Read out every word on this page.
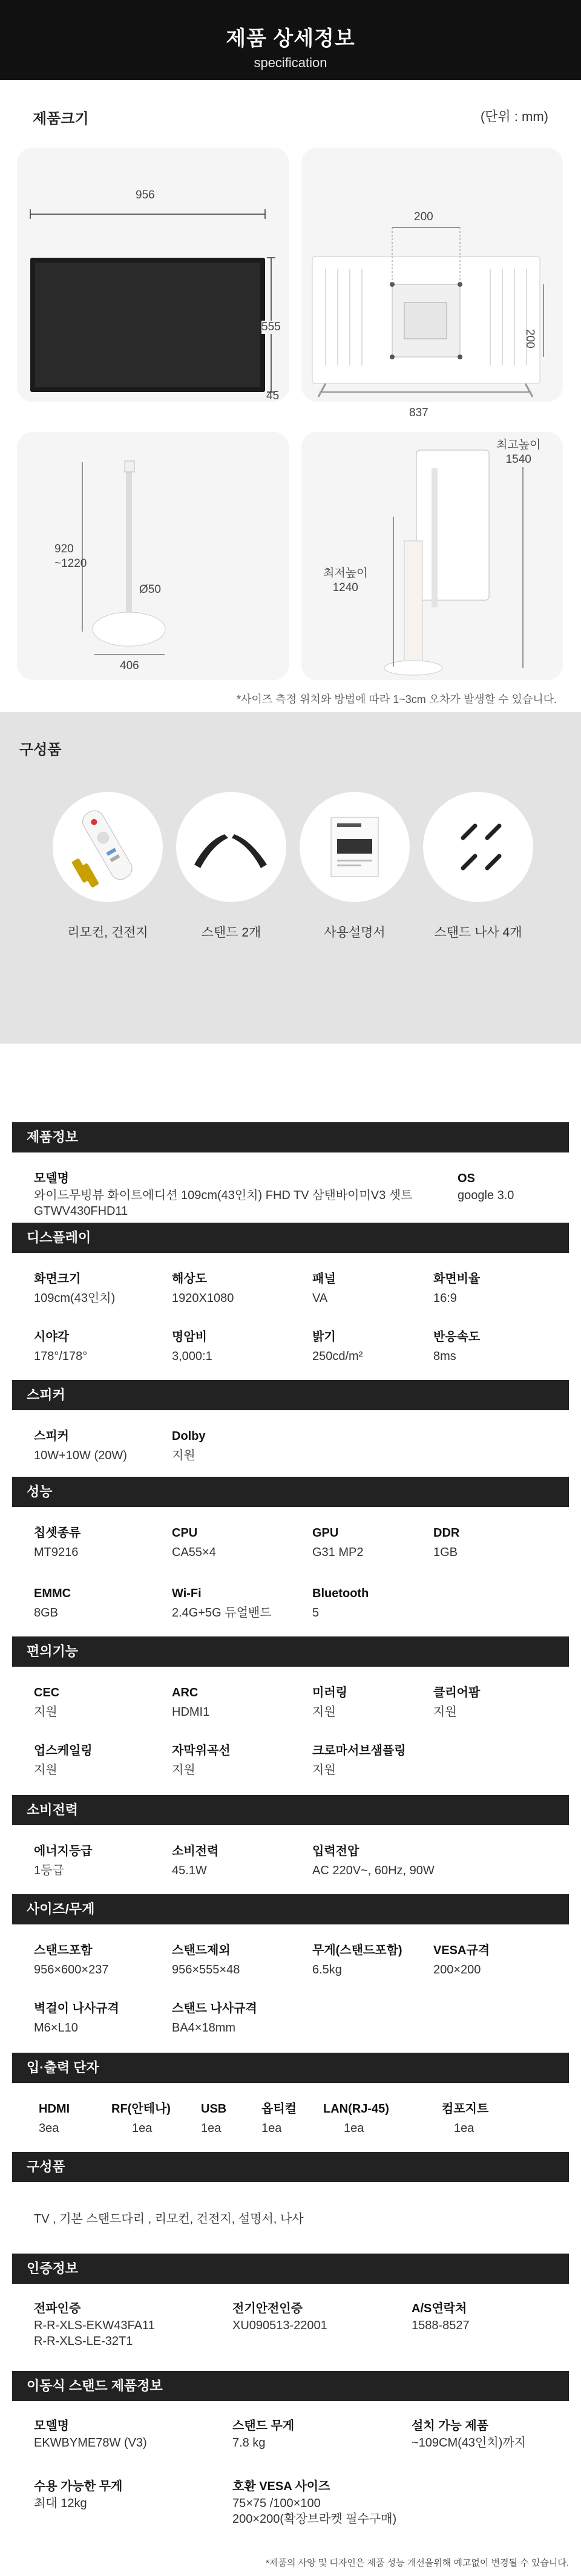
제품 상세정보
specification
제품크기	(단위 : mm)
956
555
45
200
200
837
920
~1220
Ø50
406
최고높이
1540
최저높이
1240
*사이즈 측정 위치와 방법에 따라 1~3cm 오차가 발생할 수 있습니다.
구성품
리모컨, 건전지	스탠드 2개	사용설명서	스탠드 나사 4개
제품정보
모델명
와이드무빙뷰 화이트에디션 109cm(43인치) FHD TV 삼탠바이미V3 셋트
GTWV430FHD11
OS
google 3.0
디스플레이
화면크기
109cm(43인치)
해상도
1920X1080
패널
VA
화면비율
16:9
시야각
178°/178°
명암비
3,000:1
밝기
250cd/m²
반응속도
8ms
스피커
스피커
10W+10W (20W)
Dolby
지원
성능
칩셋종류
MT9216
CPU
CA55×4
GPU
G31 MP2
DDR
1GB
EMMC
8GB
Wi-Fi
2.4G+5G 듀얼밴드
Bluetooth
5
편의기능
CEC
지원
ARC
HDMI1
미러링
지원
클리어팜
지원
업스케일링
지원
자막위곡선
지원
크로마서브샘플링
지원
소비전력
에너지등급
1등급
소비전력
45.1W
입력전압
AC 220V~, 60Hz, 90W
사이즈/무게
스탠드포함
956×600×237
스탠드제외
956×555×48
무게(스탠드포함)
6.5kg
VESA규격
200×200
벽걸이 나사규격
M6×L10
스탠드 나사규격
BA4×18mm
입·출력 단자
HDMI
3ea
RF(안테나)
1ea
USB
1ea
옵티컬
1ea
LAN(RJ-45)
1ea
컴포지트
1ea
구성품
TV , 기본 스탠드다리 , 리모컨, 건전지, 설명서, 나사
인증정보
전파인증
R-R-XLS-EKW43FA11
R-R-XLS-LE-32T1
전기안전인증
XU090513-22001
A/S연락처
1588-8527
이동식 스탠드 제품정보
모델명
EKWBYME78W (V3)
스탠드 무게
7.8 kg
설치 가능 제품
~109CM(43인치)까지
수용 가능한 무게
최대 12kg
호환 VESA 사이즈
75×75 /100×100
200×200(확장브라켓 필수구매)
*제품의 사양 및 디자인은 제품 성능 개선을위해 예고없이 변경될 수 있습니다.
